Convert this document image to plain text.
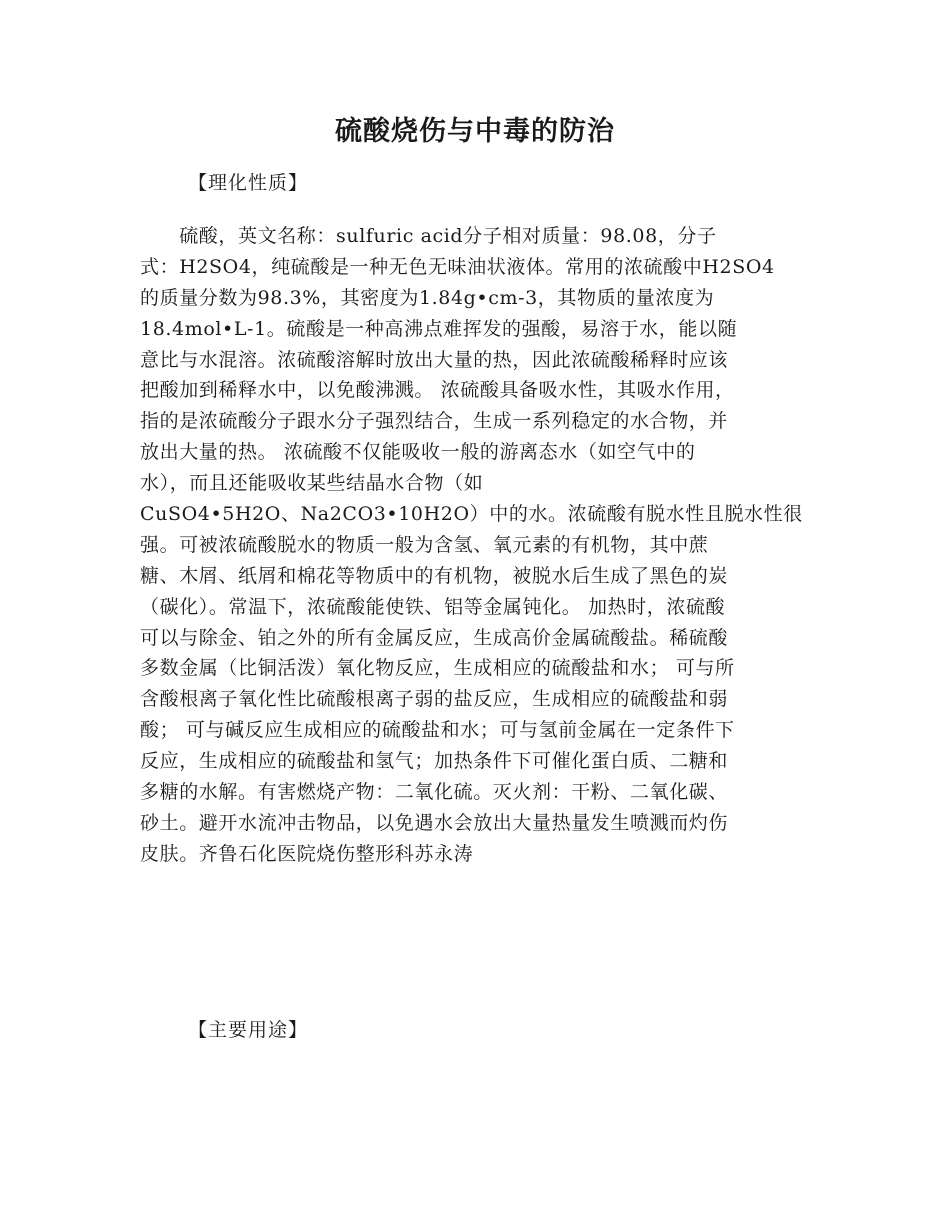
硫酸烧伤与中毒的防治
【理化性质】
　　硫酸，英文名称：sulfuric acid分子相对质量：98.08，分子
式：H2SO4，纯硫酸是一种无色无味油状液体。常用的浓硫酸中H2SO4
的质量分数为98.3%，其密度为1.84g•cm-3，其物质的量浓度为
18.4mol•L-1。硫酸是一种高沸点难挥发的强酸，易溶于水，能以随
意比与水混溶。浓硫酸溶解时放出大量的热，因此浓硫酸稀释时应该
把酸加到稀释水中，以免酸沸溅。 浓硫酸具备吸水性，其吸水作用，
指的是浓硫酸分子跟水分子强烈结合，生成一系列稳定的水合物，并
放出大量的热。 浓硫酸不仅能吸收一般的游离态水（如空气中的
水），而且还能吸收某些结晶水合物（如
CuSO4•5H2O、Na2CO3•10H2O）中的水。浓硫酸有脱水性且脱水性很
强。可被浓硫酸脱水的物质一般为含氢、氧元素的有机物，其中蔗
糖、木屑、纸屑和棉花等物质中的有机物，被脱水后生成了黑色的炭
（碳化）。常温下，浓硫酸能使铁、铝等金属钝化。 加热时，浓硫酸
可以与除金、铂之外的所有金属反应，生成高价金属硫酸盐。稀硫酸
多数金属（比铜活泼）氧化物反应，生成相应的硫酸盐和水； 可与所
含酸根离子氧化性比硫酸根离子弱的盐反应，生成相应的硫酸盐和弱
酸； 可与碱反应生成相应的硫酸盐和水；可与氢前金属在一定条件下
反应，生成相应的硫酸盐和氢气；加热条件下可催化蛋白质、二糖和
多糖的水解。有害燃烧产物：二氧化硫。灭火剂：干粉、二氧化碳、
砂土。避开水流冲击物品，以免遇水会放出大量热量发生喷溅而灼伤
皮肤。齐鲁石化医院烧伤整形科苏永涛
【主要用途】
